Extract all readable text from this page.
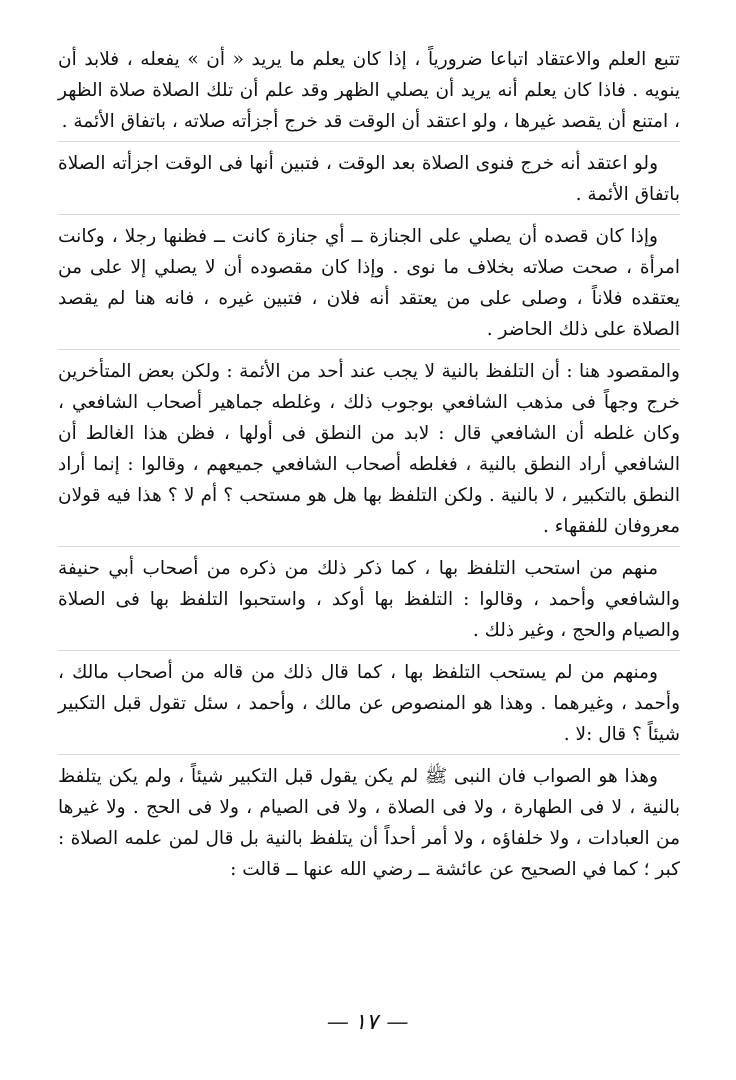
تتبع العلم والاعتقاد اتباعا ضرورياً ، إذا كان يعلم ما يريد « أن » يفعله ، فلابد أن ينويه . فاذا كان يعلم أنه يريد أن يصلي الظهر وقد علم أن تلك الصلاة صلاة الظهر ، امتنع أن يقصد غيرها ، ولو اعتقد أن الوقت قد خرج أجزأته صلاته ، باتفاق الأئمة .

ولو اعتقد أنه خرج فنوى الصلاة بعد الوقت ، فتبين أنها فى الوقت اجزأته الصلاة باتفاق الأئمة .

وإذا كان قصده أن يصلي على الجنازة ــ أي جنازة كانت ــ فظنها رجلا ، وكانت امرأة ، صحت صلاته بخلاف ما نوى . وإذا كان مقصوده أن لا يصلي إلا على من يعتقده فلاناً ، وصلى على من يعتقد أنه فلان ، فتبين غيره ، فانه هنا لم يقصد الصلاة على ذلك الحاضر .

والمقصود هنا : أن التلفظ بالنية لا يجب عند أحد من الأئمة : ولكن بعض المتأخرين خرج وجهاً فى مذهب الشافعي بوجوب ذلك ، وغلطه جماهير أصحاب الشافعي ، وكان غلطه أن الشافعي قال : لابد من النطق فى أولها ، فظن هذا الغالط أن الشافعي أراد النطق بالنية ، فغلطه أصحاب الشافعي جميعهم ، وقالوا : إنما أراد النطق بالتكبير ، لا بالنية . ولكن التلفظ بها هل هو مستحب ؟ أم لا ؟ هذا فيه قولان معروفان للفقهاء .

منهم من استحب التلفظ بها ، كما ذكر ذلك من ذكره من أصحاب أبي حنيفة والشافعي وأحمد ، وقالوا : التلفظ بها أوكد ، واستحبوا التلفظ بها فى الصلاة والصيام والحج ، وغير ذلك .

ومنهم من لم يستحب التلفظ بها ، كما قال ذلك من قاله من أصحاب مالك ، وأحمد ، وغيرهما . وهذا هو المنصوص عن مالك ، وأحمد ، سئل تقول قبل التكبير شيئاً ؟ قال :لا .

وهذا هو الصواب فان النبى ﷺ لم يكن يقول قبل التكبير شيئاً ، ولم يكن يتلفظ بالنية ، لا فى الطهارة ، ولا فى الصلاة ، ولا فى الصيام ، ولا فى الحج . ولا غيرها من العبادات ، ولا خلفاؤه ، ولا أمر أحداً أن يتلفظ بالنية بل قال لمن علمه الصلاة : كبر ؛ كما في الصحيح عن عائشة ــ رضي الله عنها ــ قالت :

— ١٧ —
